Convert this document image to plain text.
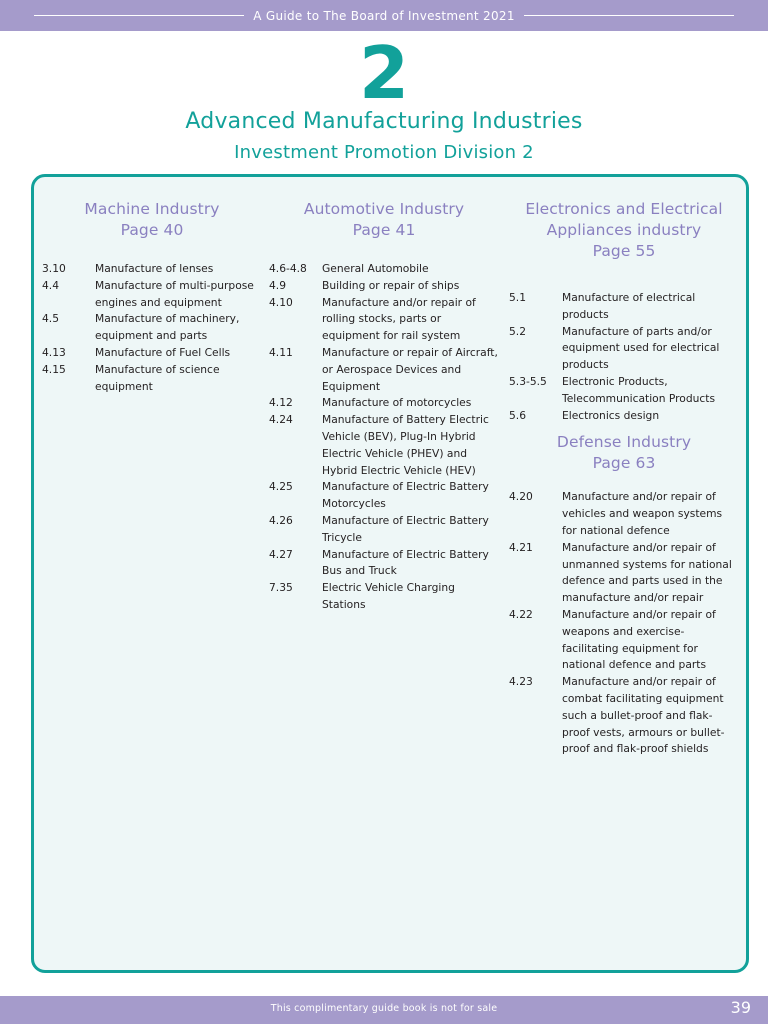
A Guide to The Board of Investment 2021
2
Advanced Manufacturing Industries
Investment Promotion Division 2
Machine Industry
Page 40
3.10	Manufacture of lenses
4.4	Manufacture of multi-purpose engines and equipment
4.5	Manufacture of machinery, equipment and parts
4.13	Manufacture of Fuel Cells
4.15	Manufacture of science equipment
Automotive Industry
Page 41
4.6-4.8	General Automobile
4.9	Building or repair of ships
4.10	Manufacture and/or repair of rolling stocks, parts or equipment for rail system
4.11	Manufacture or repair of Aircraft, or Aerospace Devices and Equipment
4.12	Manufacture of motorcycles
4.24	Manufacture of Battery Electric Vehicle (BEV), Plug-In Hybrid Electric Vehicle (PHEV) and Hybrid Electric Vehicle (HEV)
4.25	Manufacture of Electric Battery Motorcycles
4.26	Manufacture of Electric Battery Tricycle
4.27	Manufacture of Electric Battery Bus and Truck
7.35	Electric Vehicle Charging Stations
Electronics and Electrical Appliances industry
Page 55
5.1	Manufacture of electrical products
5.2	Manufacture of parts and/or equipment used for electrical products
5.3-5.5	Electronic Products, Telecommunication Products
5.6	Electronics design
Defense Industry
Page 63
4.20	Manufacture and/or repair of vehicles and weapon systems for national defence
4.21	Manufacture and/or repair of unmanned systems for national defence and parts used in the manufacture and/or repair
4.22	Manufacture and/or repair of weapons and exercise-facilitating equipment for national defence and parts
4.23	Manufacture and/or repair of combat facilitating equipment such a bullet-proof and flak-proof vests, armours or bullet-proof and flak-proof shields
This complimentary guide book is not for sale	39
